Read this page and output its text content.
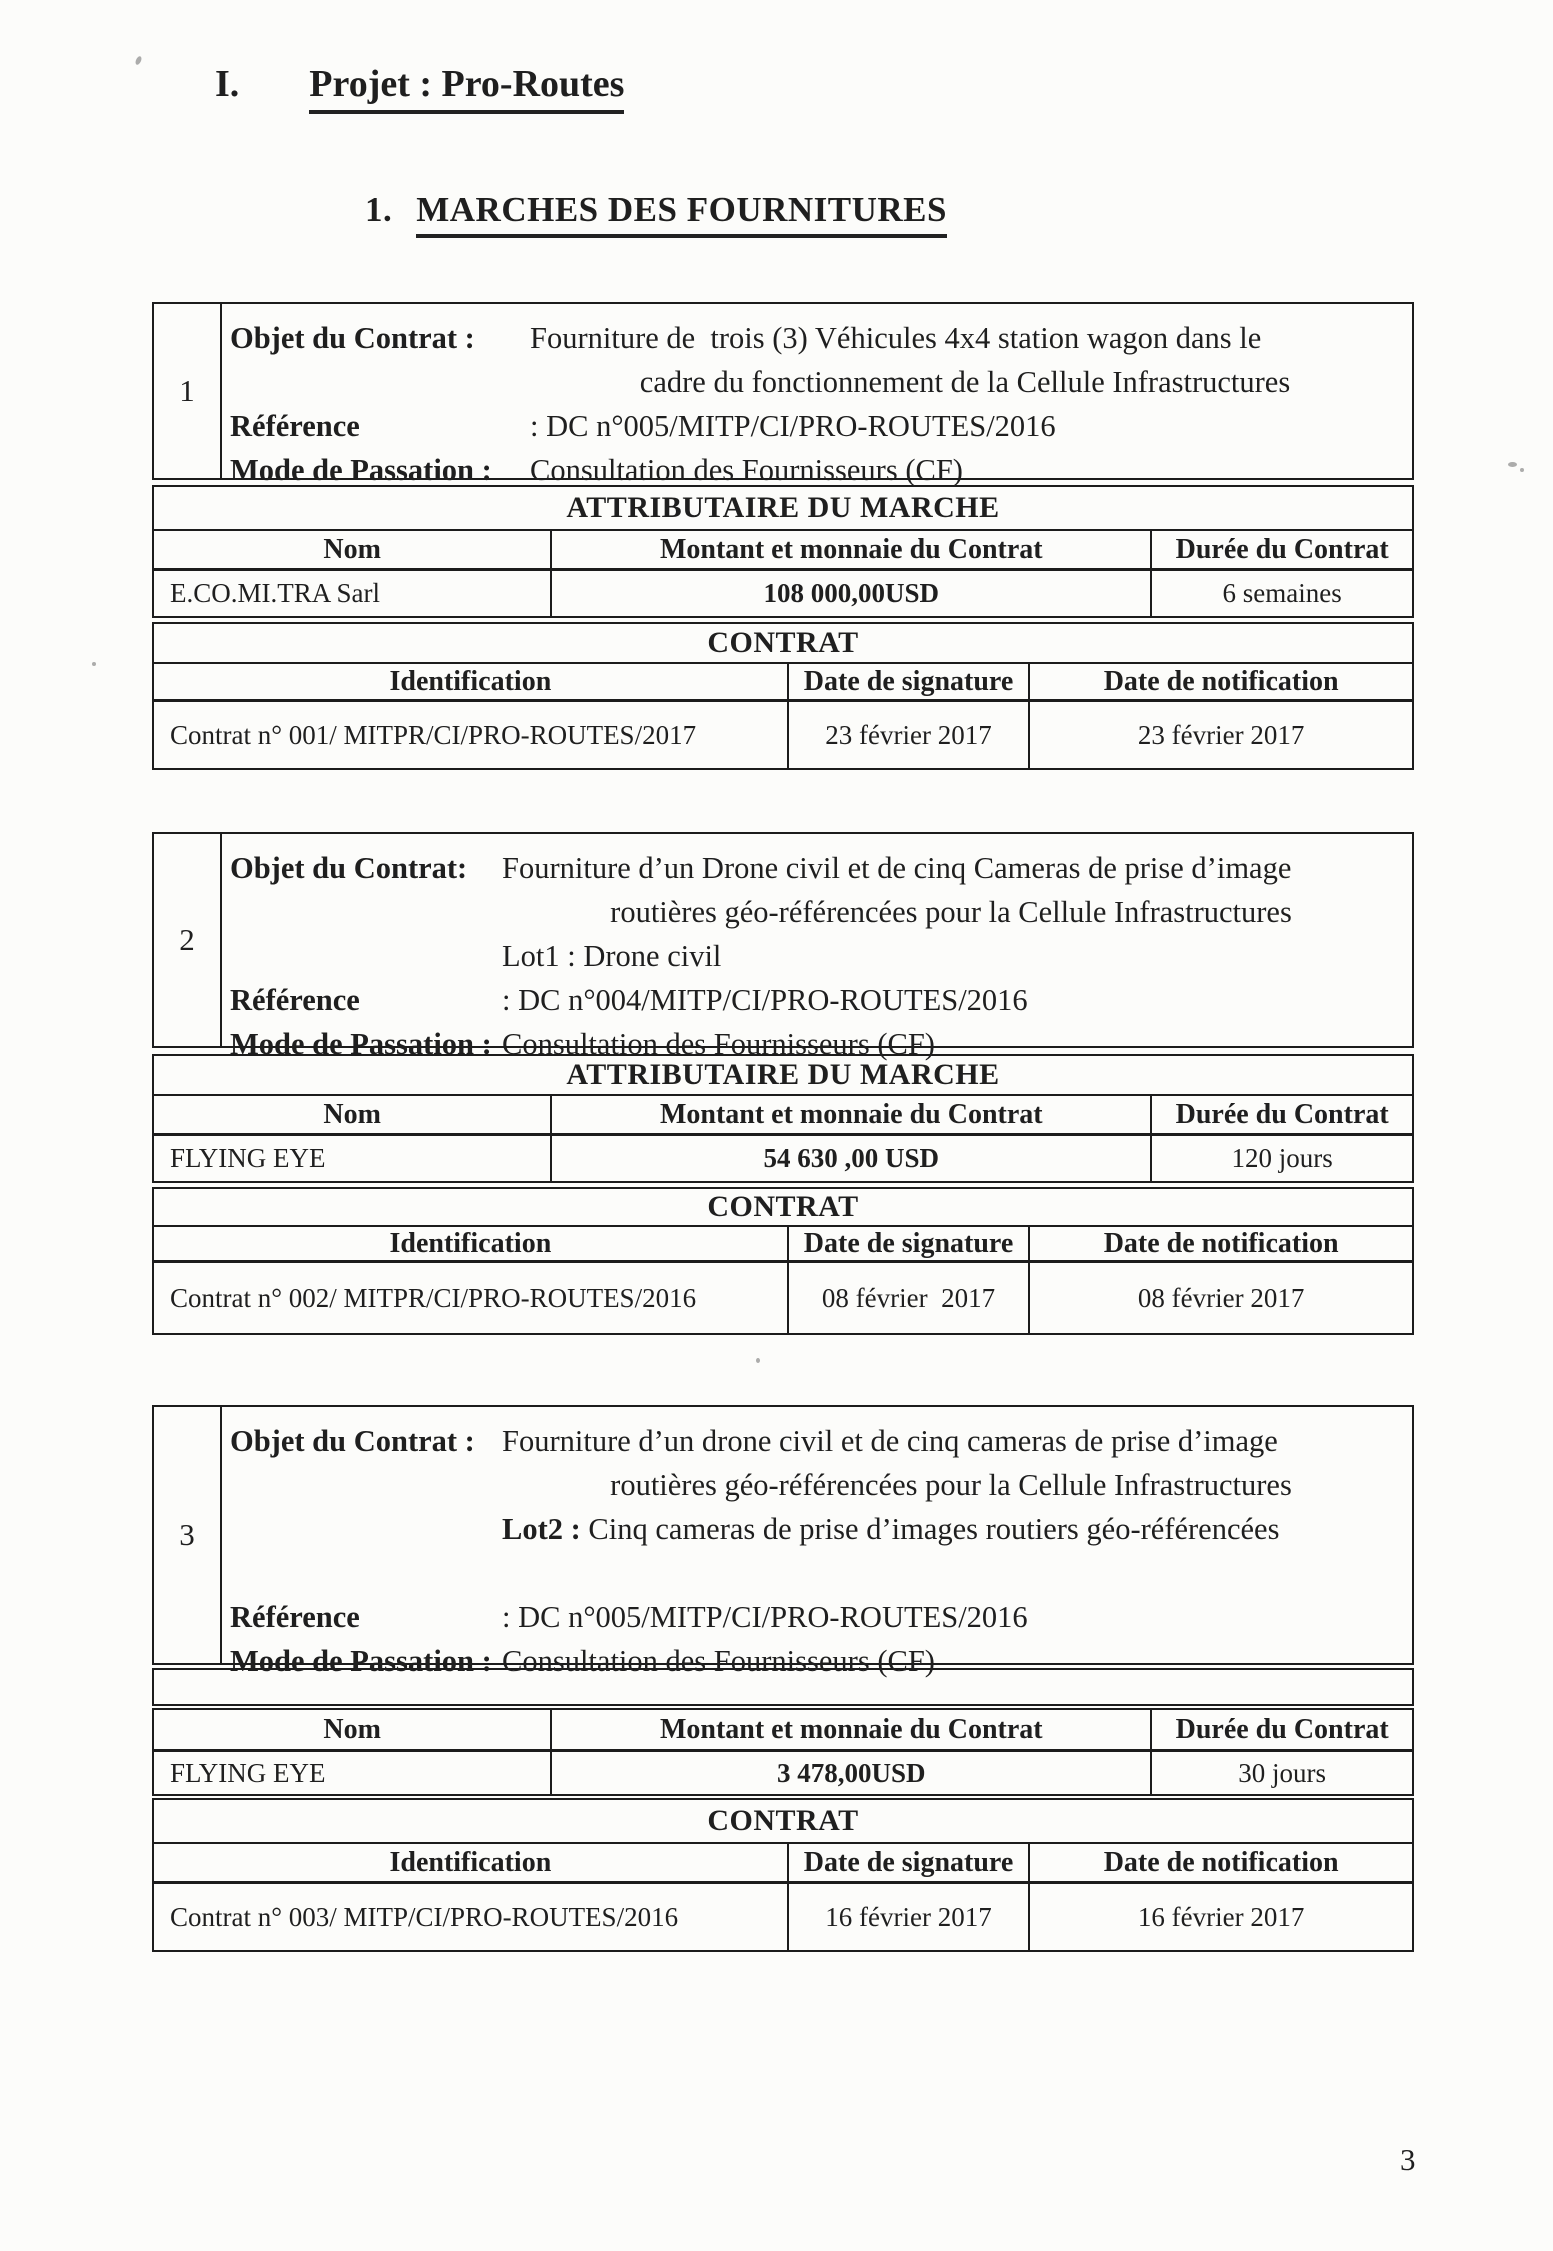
I. Projet : Pro-Routes
1. MARCHES DES FOURNITURES
1
Objet du Contrat :	Fourniture de  trois (3) Véhicules 4x4 station wagon dans le
cadre du fonctionnement de la Cellule Infrastructures
Référence	: DC n°005/MITP/CI/PRO-ROUTES/2016
Mode de Passation :	Consultation des Fournisseurs (CF)
ATTRIBUTAIRE DU MARCHE
Nom	Montant et monnaie du Contrat	Durée du Contrat
E.CO.MI.TRA Sarl	108 000,00USD	6 semaines
CONTRAT
Identification	Date de signature	Date de notification
Contrat n° 001/ MITPR/CI/PRO-ROUTES/2017	23 février 2017	23 février 2017
2
Objet du Contrat: Fourniture d’un Drone civil et de cinq Cameras de prise d’image
routières géo-référencées pour la Cellule Infrastructures
Lot1 : Drone civil
Référence	: DC n°004/MITP/CI/PRO-ROUTES/2016
Mode de Passation : Consultation des Fournisseurs (CF)
ATTRIBUTAIRE DU MARCHE
Nom	Montant et monnaie du Contrat	Durée du Contrat
FLYING EYE	54 630 ,00 USD	120 jours
CONTRAT
Identification	Date de signature	Date de notification
Contrat n° 002/ MITPR/CI/PRO-ROUTES/2016	08 février  2017	08 février 2017
3
Objet du Contrat : Fourniture d’un drone civil et de cinq cameras de prise d’image
routières géo-référencées pour la Cellule Infrastructures
Lot2 : Cinq cameras de prise d’images routiers géo-référencées
Référence	: DC n°005/MITP/CI/PRO-ROUTES/2016
Mode de Passation : Consultation des Fournisseurs (CF)
Nom	Montant et monnaie du Contrat	Durée du Contrat
FLYING EYE	3 478,00USD	30 jours
CONTRAT
Identification	Date de signature	Date de notification
Contrat n° 003/ MITP/CI/PRO-ROUTES/2016	16 février 2017	16 février 2017
3
